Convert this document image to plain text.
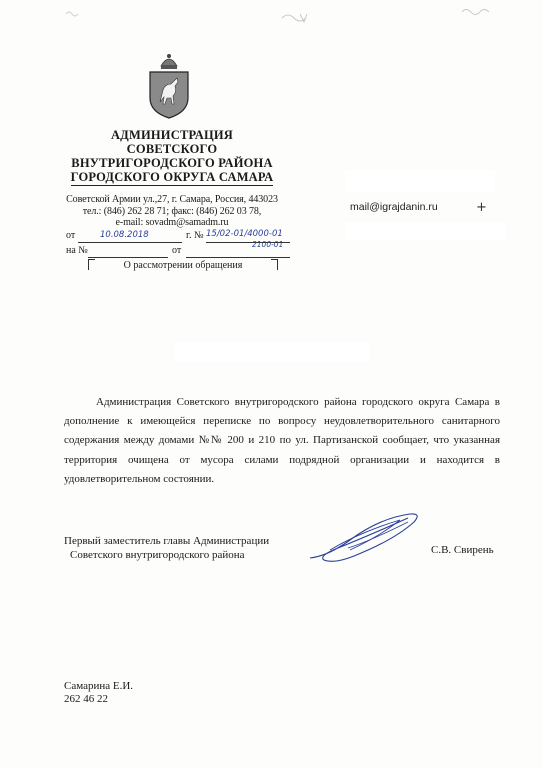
АДМИНИСТРАЦИЯ
СОВЕТСКОГО
ВНУТРИГОРОДСКОГО РАЙОНА
ГОРОДСКОГО ОКРУГА САМАРА
Советской Армии ул.,27, г. Самара, Россия, 443023
тел.: (846) 262 28 71; факс: (846) 262 03 78,
e-mail: sovadm@samadm.ru
от	10.08.2018	г. № 15/02-01/4000-01
2100-01
на №	от
О рассмотрении обращения
mail@igrajdanin.ru	+

Администрация Советского внутригородского района городского округа Самара в дополнение к имеющейся переписке по вопросу неудовлетворительного санитарного содержания между домами №№ 200 и 210 по ул. Партизанской сообщает, что указанная территория очищена от мусора силами подрядной организации и находится в удовлетворительном состоянии.

Первый заместитель главы Администрации
Советского внутригородского района	С.В. Свирень
Самарина Е.И.
262 46 22
